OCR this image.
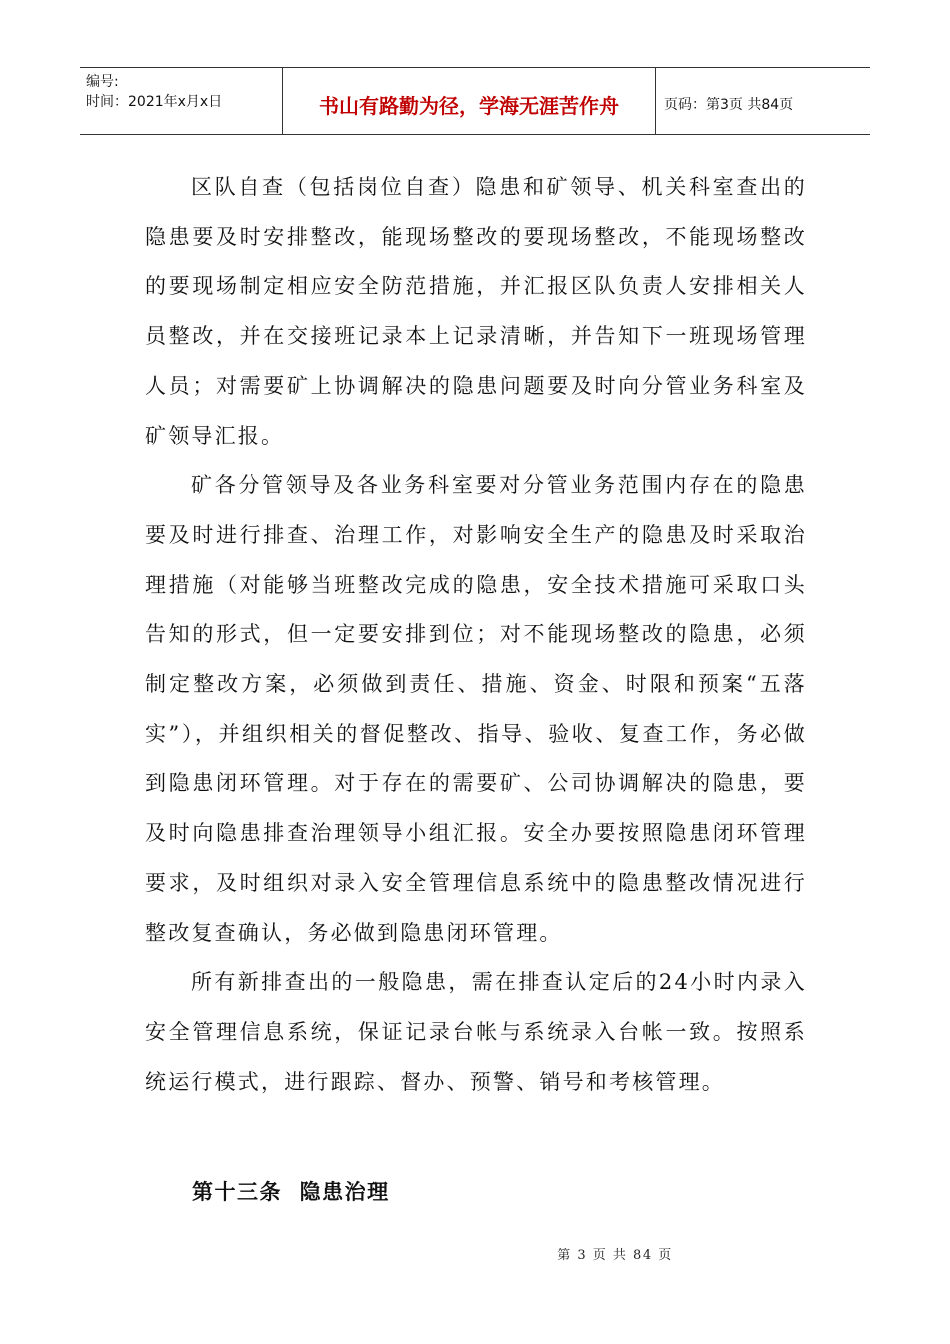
编号:
时间：2021年x月x日	书山有路勤为径，学海无涯苦作舟	页码：第3页 共84页

区队自查（包括岗位自查）隐患和矿领导、机关科室查出的隐患要及时安排整改，能现场整改的要现场整改，不能现场整改的要现场制定相应安全防范措施，并汇报区队负责人安排相关人员整改，并在交接班记录本上记录清晰，并告知下一班现场管理人员；对需要矿上协调解决的隐患问题要及时向分管业务科室及矿领导汇报。

矿各分管领导及各业务科室要对分管业务范围内存在的隐患要及时进行排查、治理工作，对影响安全生产的隐患及时采取治理措施（对能够当班整改完成的隐患，安全技术措施可采取口头告知的形式，但一定要安排到位；对不能现场整改的隐患，必须制定整改方案，必须做到责任、措施、资金、时限和预案“五落实”），并组织相关的督促整改、指导、验收、复查工作，务必做到隐患闭环管理。对于存在的需要矿、公司协调解决的隐患，要及时向隐患排查治理领导小组汇报。安全办要按照隐患闭环管理要求，及时组织对录入安全管理信息系统中的隐患整改情况进行整改复查确认，务必做到隐患闭环管理。

所有新排查出的一般隐患，需在排查认定后的24小时内录入安全管理信息系统，保证记录台帐与系统录入台帐一致。按照系统运行模式，进行跟踪、督办、预警、销号和考核管理。

第十三条  隐患治理
第 3 页 共 84 页
